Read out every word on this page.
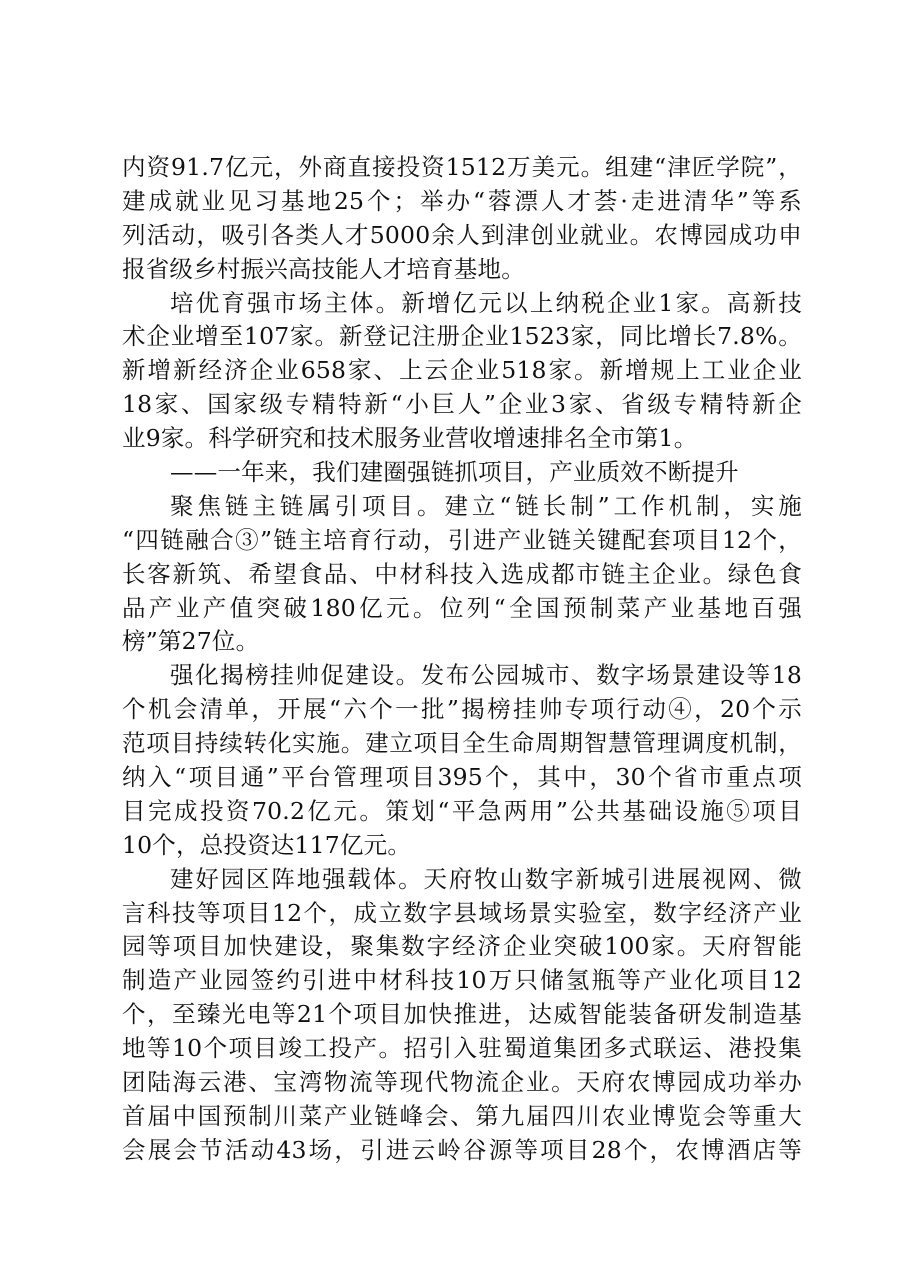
内资91.7亿元，外商直接投资1512万美元。组建“津匠学院”，
建成就业见习基地25个；举办“蓉漂人才荟·走进清华”等系
列活动，吸引各类人才5000余人到津创业就业。农博园成功申
报省级乡村振兴高技能人才培育基地。
培优育强市场主体。新增亿元以上纳税企业1家。高新技
术企业增至107家。新登记注册企业1523家，同比增长7.8%。
新增新经济企业658家、上云企业518家。新增规上工业企业
18家、国家级专精特新“小巨人”企业3家、省级专精特新企
业9家。科学研究和技术服务业营收增速排名全市第1。
——一年来，我们建圈强链抓项目，产业质效不断提升
聚焦链主链属引项目。建立“链长制”工作机制，实施
“四链融合③”链主培育行动，引进产业链关键配套项目12个，
长客新筑、希望食品、中材科技入选成都市链主企业。绿色食
品产业产值突破180亿元。位列“全国预制菜产业基地百强
榜”第27位。
强化揭榜挂帅促建设。发布公园城市、数字场景建设等18
个机会清单，开展“六个一批”揭榜挂帅专项行动④，20个示
范项目持续转化实施。建立项目全生命周期智慧管理调度机制，
纳入“项目通”平台管理项目395个，其中，30个省市重点项
目完成投资70.2亿元。策划“平急两用”公共基础设施⑤项目
10个，总投资达117亿元。
建好园区阵地强载体。天府牧山数字新城引进展视网、微
言科技等项目12个，成立数字县域场景实验室，数字经济产业
园等项目加快建设，聚集数字经济企业突破100家。天府智能
制造产业园签约引进中材科技10万只储氢瓶等产业化项目12
个，至臻光电等21个项目加快推进，达威智能装备研发制造基
地等10个项目竣工投产。招引入驻蜀道集团多式联运、港投集
团陆海云港、宝湾物流等现代物流企业。天府农博园成功举办
首届中国预制川菜产业链峰会、第九届四川农业博览会等重大
会展会节活动43场，引进云岭谷源等项目28个，农博酒店等
